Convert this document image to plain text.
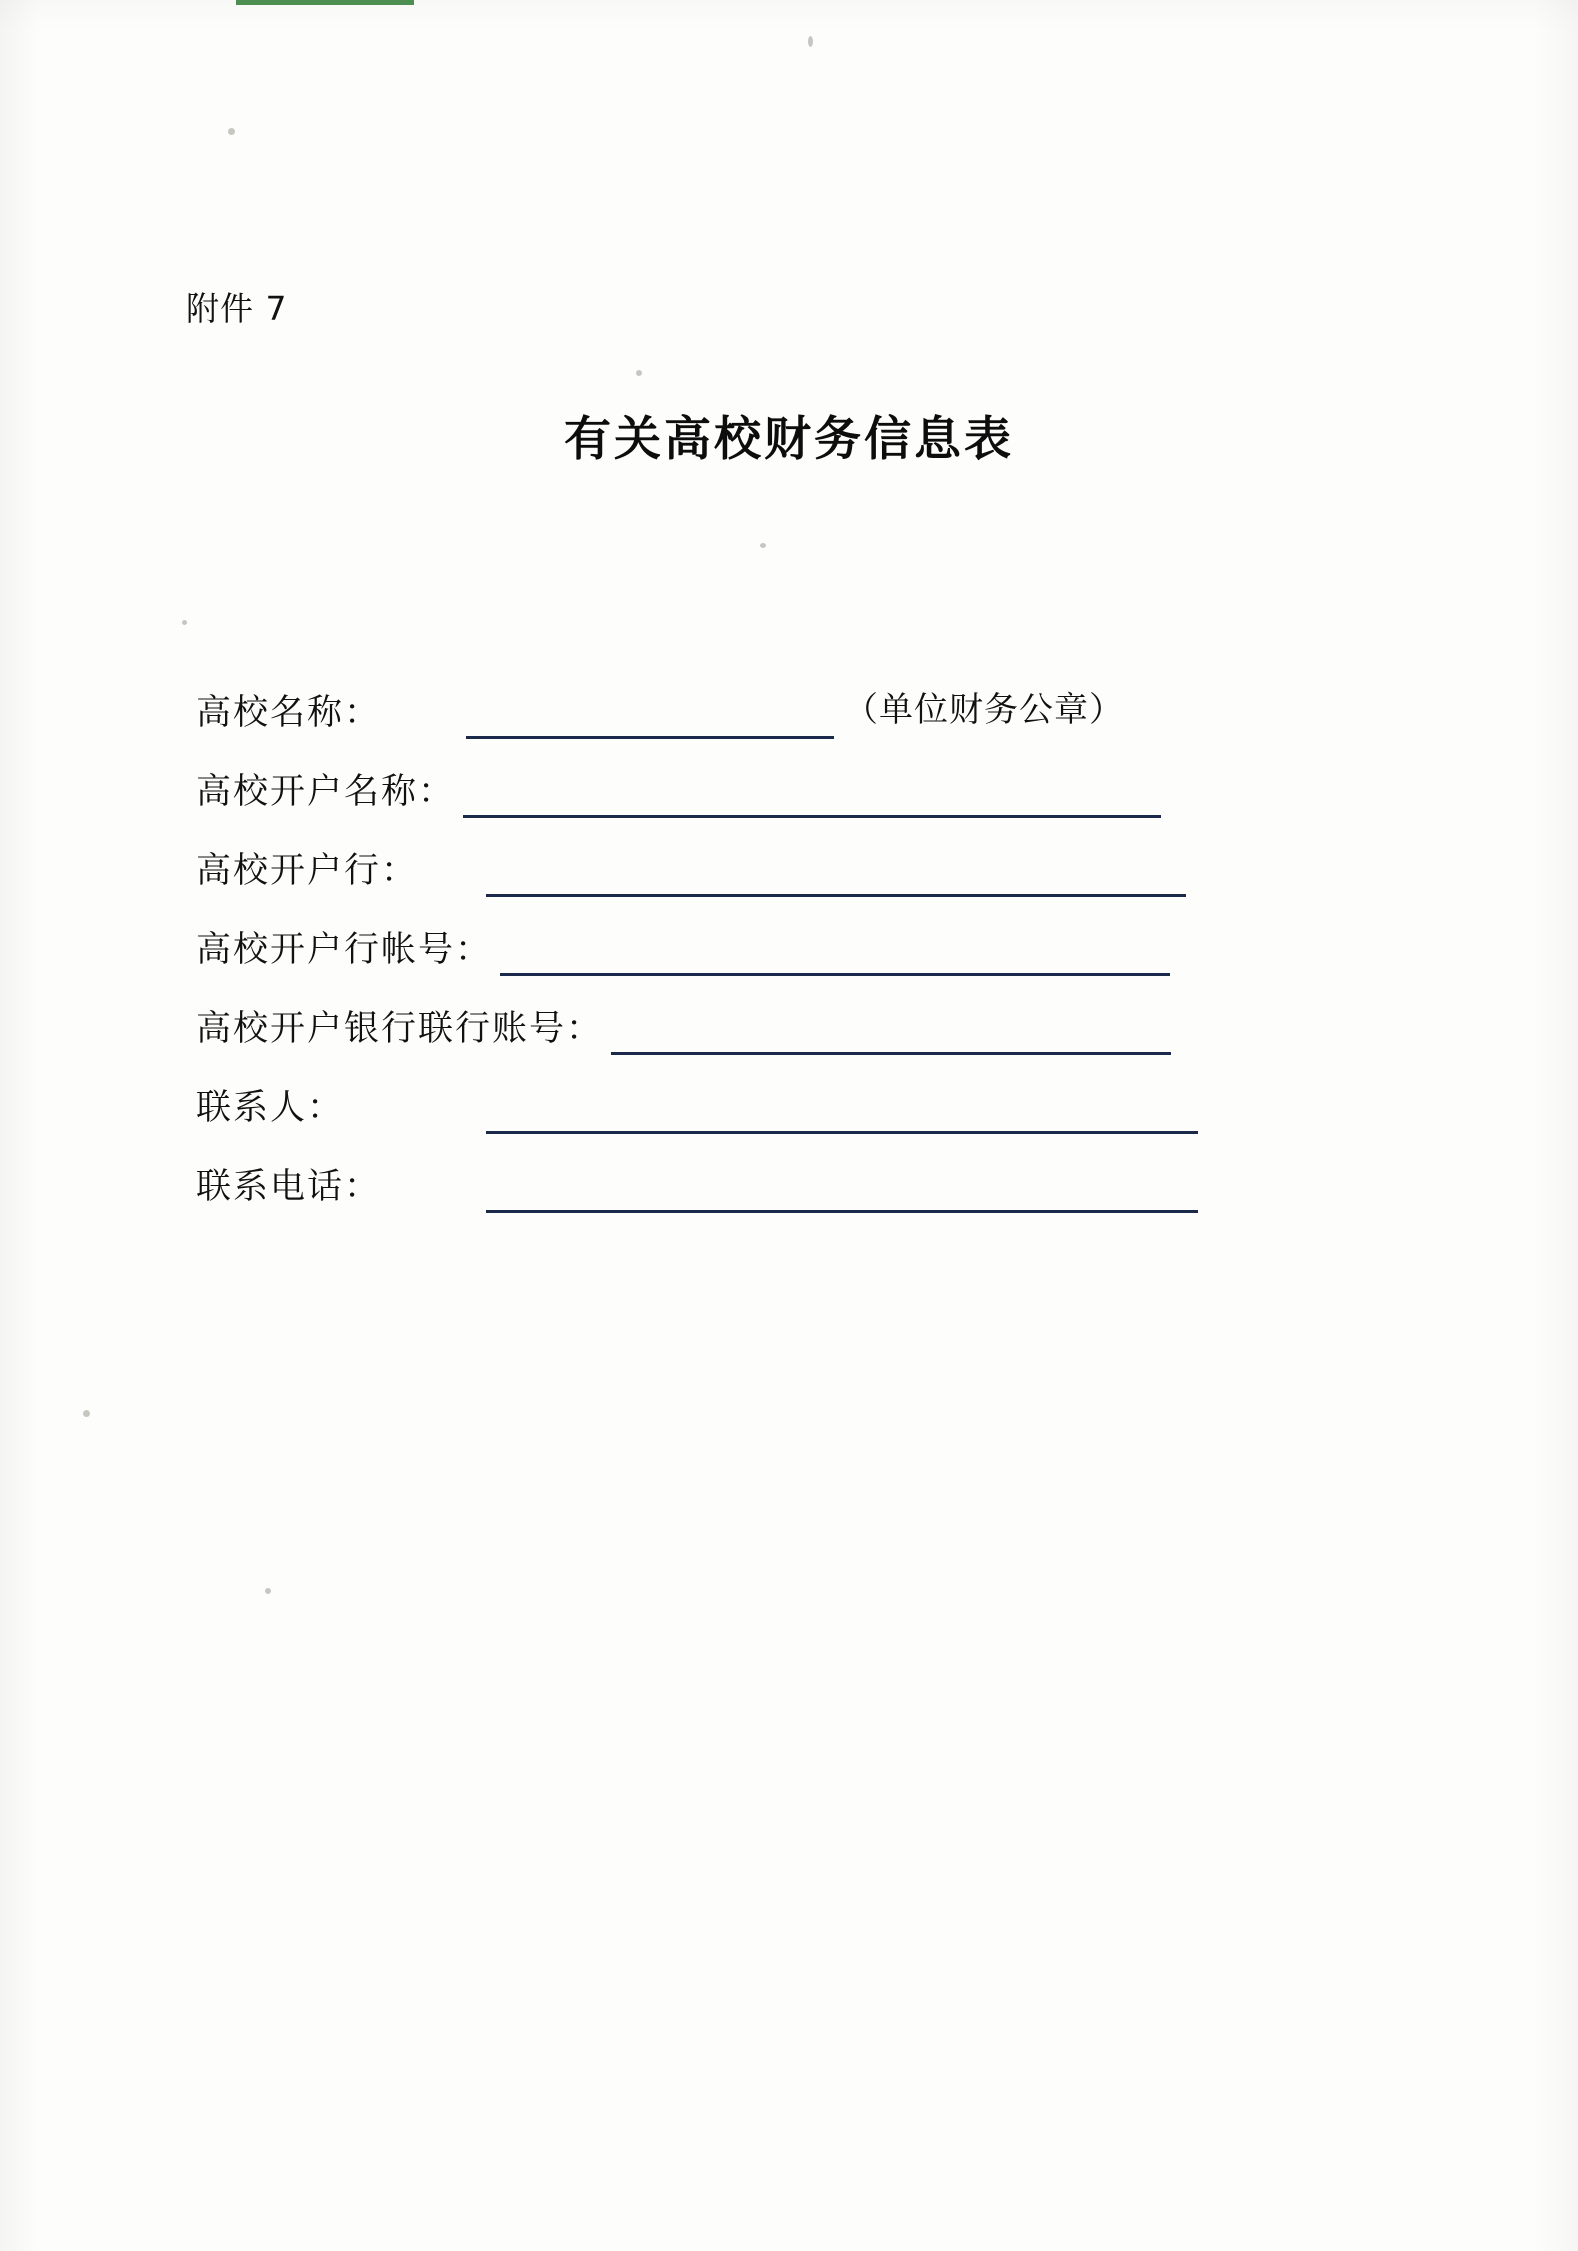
附件 7
有关高校财务信息表
高校名称：	（单位财务公章）
高校开户名称：
高校开户行：
高校开户行帐号：
高校开户银行联行账号：
联系人：
联系电话：
